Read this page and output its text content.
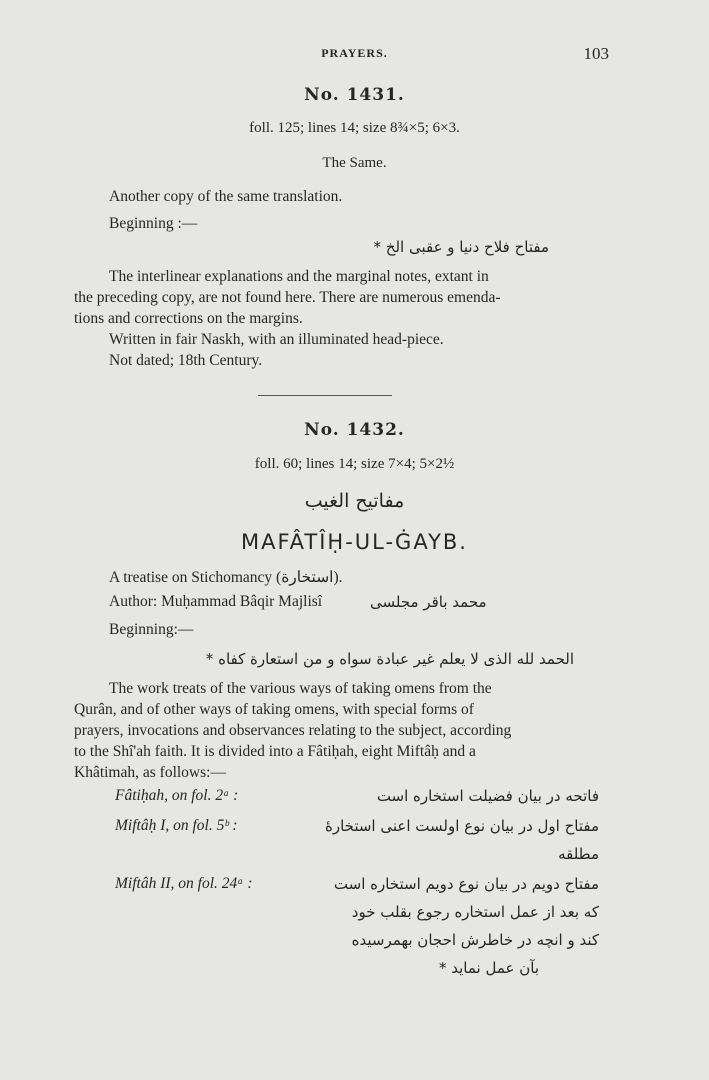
PRAYERS.	103
No. 1431.
foll. 125; lines 14; size 8¾×5; 6×3.
The Same.
Another copy of the same translation.
Beginning :—
مفتاح فلاح دنیا و عقبی الخ *
The interlinear explanations and the marginal notes, extant in
the preceding copy, are not found here. There are numerous emenda-
tions and corrections on the margins.
Written in fair Naskh, with an illuminated head-piece.
Not dated; 18th Century.
No. 1432.
foll. 60; lines 14; size 7×4; 5×2½
مفاتیح الغیب
MAFÂTÎḤ-UL-ĠAYB.
A treatise on Stichomancy (استخارة).
Author: Muḥammad Bâqir Majlisî	محمد باقر مجلسی
Beginning:—
الحمد لله الذی لا یعلم غیر عبادة سواه و من استعارة کفاه *
The work treats of the various ways of taking omens from the
Qurân, and of other ways of taking omens, with special forms of
prayers, invocations and observances relating to the subject, according
to the Shî'ah faith. It is divided into a Fâtiḥah, eight Miftâḥ and a
Khâtimah, as follows:—
Fâtiḥah, on fol. 2ᵃ :	فاتحه در بیان فضیلت استخاره است
Miftâḥ I, on fol. 5ᵇ :	مفتاح اول در بیان نوع اولست اعنی استخارهٔ
مطلقه
Miftâh II, on fol. 24ᵃ :	مفتاح دویم در بیان نوع دویم استخاره است
که بعد از عمل استخاره رجوع بقلب خود
کند و انچه در خاطرش احجان بهمرسیده
بآن عمل نماید *
